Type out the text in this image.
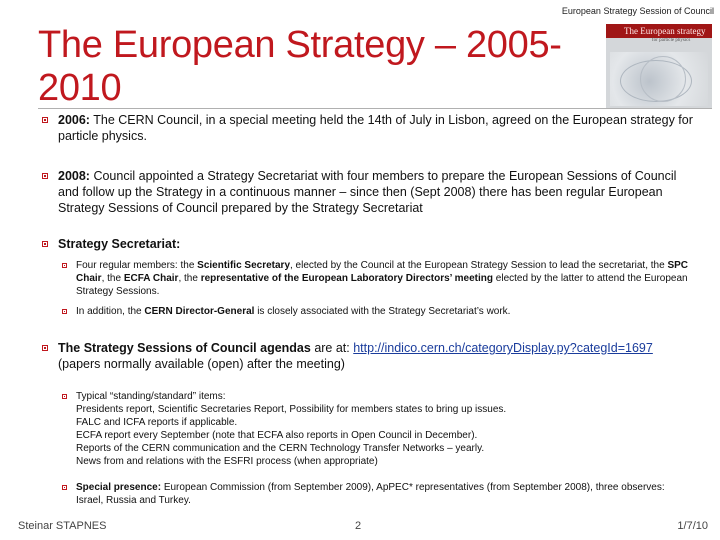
European Strategy Session of Council
The European Strategy – 2005-
2010
The European strategy
for particle physics

2006: The CERN Council, in a special meeting held the 14th of July in Lisbon, agreed on the European strategy for particle physics.

2008: Council appointed a Strategy Secretariat with four members to prepare the European Sessions of Council and follow up the Strategy in a continuous manner – since then (Sept 2008) there has been regular European Strategy Sessions of Council prepared by the Strategy Secretariat

Strategy Secretariat:

Four regular members: the Scientific Secretary, elected by the Council at the European Strategy Session to lead the secretariat, the SPC Chair, the ECFA Chair, the representative of the European Laboratory Directors’ meeting elected by the latter to attend the European Strategy Sessions.

In addition, the CERN Director-General is closely associated with the Strategy Secretariat’s work.

The Strategy Sessions of Council agendas are at: http://indico.cern.ch/categoryDisplay.py?categId=1697 (papers normally available (open) after the meeting)

Typical “standing/standard” items:
Presidents report, Scientific Secretaries Report, Possibility for members states to bring up issues.
FALC and ICFA reports if applicable.
ECFA report every September (note that ECFA also reports in Open Council in December).
Reports of the CERN communication and the CERN Technology Transfer Networks – yearly.
News from and relations with the ESFRI process (when appropriate)

Special presence: European Commission (from September 2009), ApPEC* representatives (from September 2008), three observes: Israel, Russia and Turkey.

Steinar STAPNES	2	1/7/10
